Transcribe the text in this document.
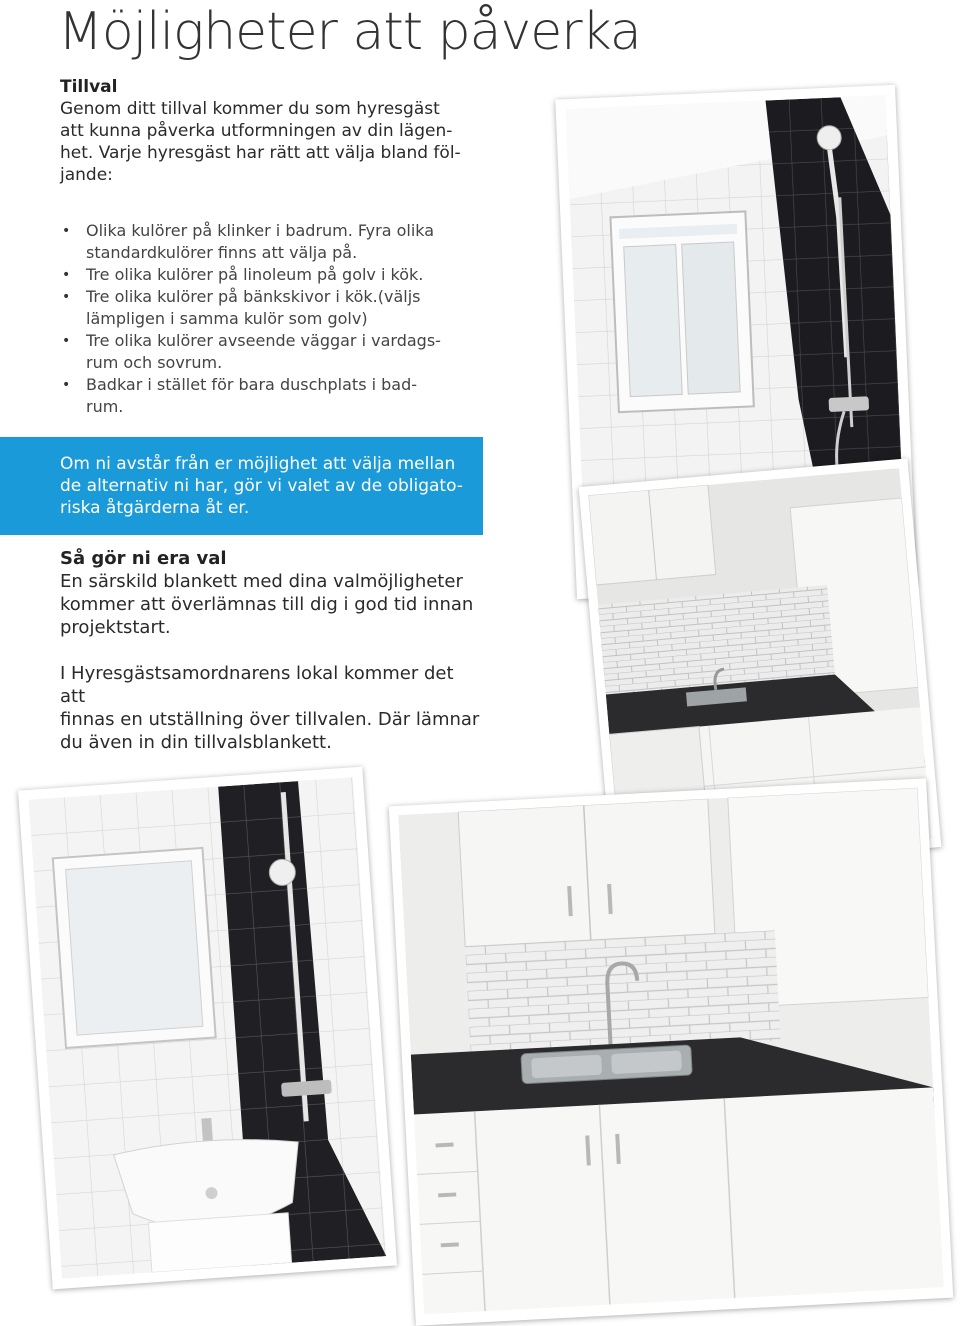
Möjligheter att påverka

Tillval

Genom ditt tillval kommer du som hyresgäst

att kunna påverka utformningen av din lägen-

het. Varje hyresgäst har rätt att välja bland föl-

jande:

• Olika kulörer på klinker i badrum. Fyra olika
standardkulörer finns att välja på.
• Tre olika kulörer på linoleum på golv i kök.
• Tre olika kulörer på bänkskivor i kök.(väljs
lämpligen i samma kulör som golv)
• Tre olika kulörer avseende väggar i vardags-
rum och sovrum.
• Badkar i stället för bara duschplats i bad-
rum.
Om ni avstår från er möjlighet att välja mellan
de alternativ ni har, gör vi valet av de obligato-
riska åtgärderna åt er.

Så gör ni era val

En särskild blankett med dina valmöjligheter

kommer att överlämnas till dig i god tid innan

projektstart.

I Hyresgästsamordnarens lokal kommer det att

finnas en utställning över tillvalen. Där lämnar

du även in din tillvalsblankett.
